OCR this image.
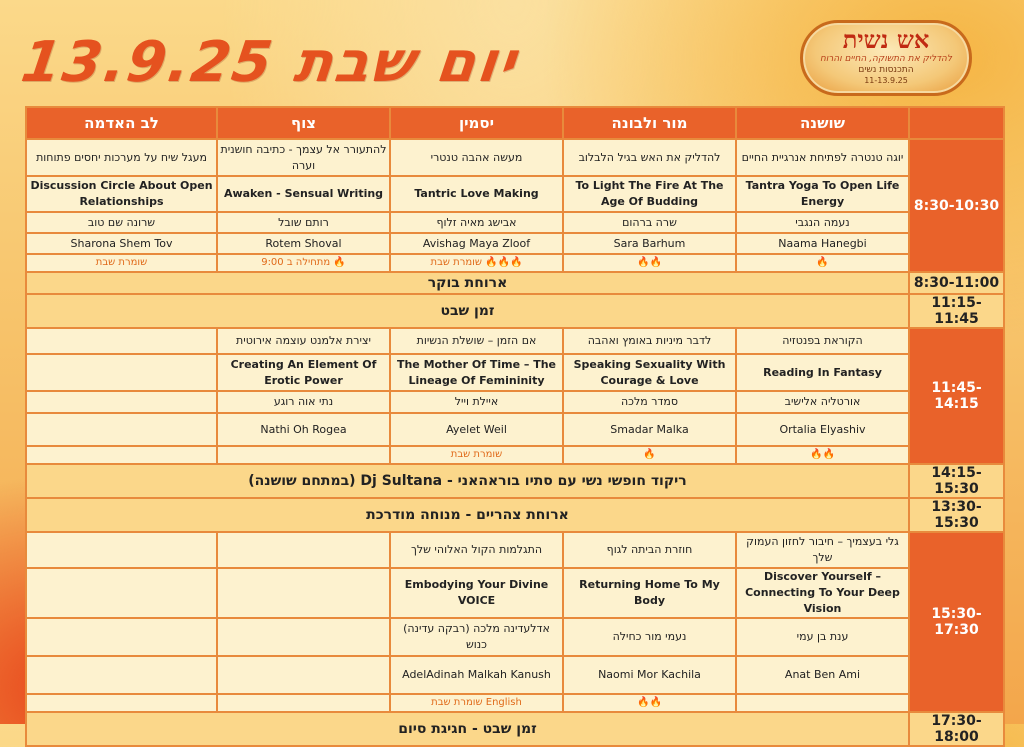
13.9.25 יום שבת	אש נשית
להדליק את התשוקה, החיים והרוח
התכנסות נשים
11-13.9.25
	שושנה	מור ולבונה	יסמין	צוף	לב האדמה
8:30-10:30	יוגה טנטרה לפתיחת אנרגיית החיים	להדליק את האש בגיל הלבלוב	מעשה אהבה טנטרי	להתעורר אל עצמך - כתיבה חושנית וערה	מעגל שיח על מערכות יחסים פתוחות
	Tantra Yoga To Open Life Energy	To Light The Fire At The Age Of Budding	Tantric Love Making	Awaken - Sensual Writing	Discussion Circle About Open Relationships
	נעמה הנגבי	שרה ברהום	אבישג מאיה זלוף	רותם שובל	שרונה שם טוב
	Naama Hanegbi	Sara Barhum	Avishag Maya Zloof	Rotem Shoval	Sharona Shem Tov
	🔥	🔥🔥	🔥🔥🔥 שומרת שבת	🔥 מתחילה ב 9:00	שומרת שבת
8:30-11:00	ארוחת בוקר				
11:15-11:45	זמן שבט				
11:45-14:15	הקוראת בפנטזיה	לדבר מיניות באומץ ואהבה	אם הזמן – שושלת הנשיות	יצירת אלמנט עוצמה אירוטית	
	Reading In Fantasy	Speaking Sexuality With Courage & Love	The Mother Of Time – The Lineage Of Femininity	Creating An Element Of Erotic Power	
	אורטליה אלישיב	סמדר מלכה	איילת וייל	נתי אוה רוגע	
	Ortalia Elyashiv	Smadar Malka	Ayelet Weil	Nathi Oh Rogea	
	🔥🔥	🔥	שומרת שבת		
14:15-15:30	ריקוד חופשי נשי עם סתיו בוראהאני - Dj Sultana (במתחם שושנה)				
13:30-15:30	ארוחת צהריים - מנוחה מודרכת				
15:30-17:30	גלי בעצמיך – חיבור לחזון העמוק שלך	חוזרת הביתה לגוף	התגלמות הקול האלוהי שלך		
	Discover Yourself – Connecting To Your Deep Vision	Returning Home To My Body	Embodying Your Divine VOICE		
	ענת בן עמי	נעמי מור כחילה	אדלעדינה מלכה (רבקה עדינה) כנוש		
	Anat Ben Ami	Naomi Mor Kachila	AdelAdinah Malkah Kanush		
		🔥🔥	English שומרת שבת		
17:30-18:00	זמן שבט - חגיגת סיום				
